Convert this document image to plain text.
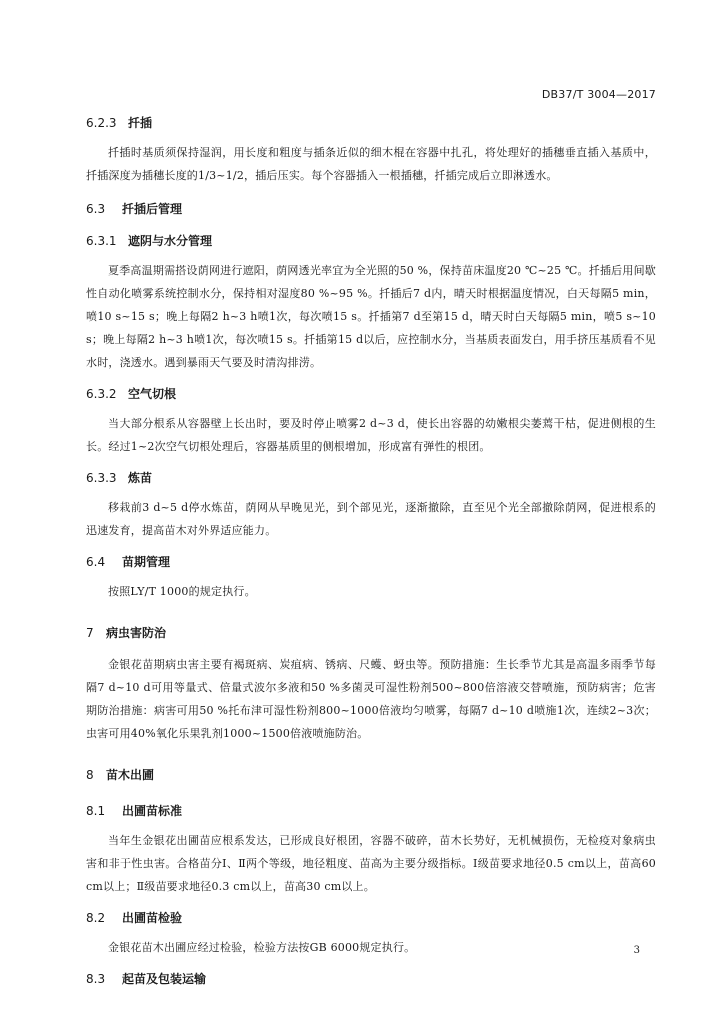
DB37/T 3004—2017
6.2.3 扦插

扦插时基质须保持湿润，用长度和粗度与插条近似的细木棍在容器中扎孔，将处理好的插穗垂直插入基质中，扦插深度为插穗长度的1/3~1/2，插后压实。每个容器插入一根插穗，扦插完成后立即淋透水。

6.3 扦插后管理
6.3.1 遮阴与水分管理

夏季高温期需搭设荫网进行遮阳，荫网透光率宜为全光照的50 %，保持苗床温度20 ℃~25 ℃。扦插后用间歇性自动化喷雾系统控制水分，保持相对湿度80 %~95 %。扦插后7 d内，晴天时根据温度情况，白天每隔5 min，喷10 s~15 s；晚上每隔2 h~3 h喷1次，每次喷15 s。扦插第7 d至第15 d，晴天时白天每隔5 min，喷5 s~10 s；晚上每隔2 h~3 h喷1次，每次喷15 s。扦插第15 d以后，应控制水分，当基质表面发白，用手挤压基质看不见水时，浇透水。遇到暴雨天气要及时清沟排涝。

6.3.2 空气切根

当大部分根系从容器壁上长出时，要及时停止喷雾2 d~3 d，使长出容器的幼嫩根尖萎蔫干枯，促进侧根的生长。经过1~2次空气切根处理后，容器基质里的侧根增加，形成富有弹性的根团。

6.3.3 炼苗

移栽前3 d~5 d停水炼苗，荫网从早晚见光，到个部见光，逐渐撤除，直至见个光全部撤除荫网，促进根系的迅速发育，提高苗木对外界适应能力。

6.4 苗期管理

按照LY/T 1000的规定执行。

7 病虫害防治

金银花苗期病虫害主要有褐斑病、炭疽病、锈病、尺蠖、蚜虫等。预防措施：生长季节尤其是高温多雨季节每隔7 d~10 d可用等量式、倍量式波尔多液和50 %多菌灵可湿性粉剂500~800倍溶液交替喷施，预防病害；危害期防治措施：病害可用50 %托布津可湿性粉剂800~1000倍液均匀喷雾，每隔7 d~10 d喷施1次，连续2~3次；虫害可用40%氧化乐果乳剂1000~1500倍液喷施防治。

8 苗木出圃
8.1 出圃苗标准

当年生金银花出圃苗应根系发达，已形成良好根团，容器不破碎，苗木长势好，无机械损伤，无检疫对象病虫害和非于性虫害。合格苗分Ⅰ、Ⅱ两个等级，地径粗度、苗高为主要分级指标。Ⅰ级苗要求地径0.5 cm以上，苗高60 cm以上；Ⅱ级苗要求地径0.3 cm以上，苗高30 cm以上。

8.2 出圃苗检验

金银花苗木出圃应经过检验，检验方法按GB 6000规定执行。

8.3 起苗及包装运输
3
